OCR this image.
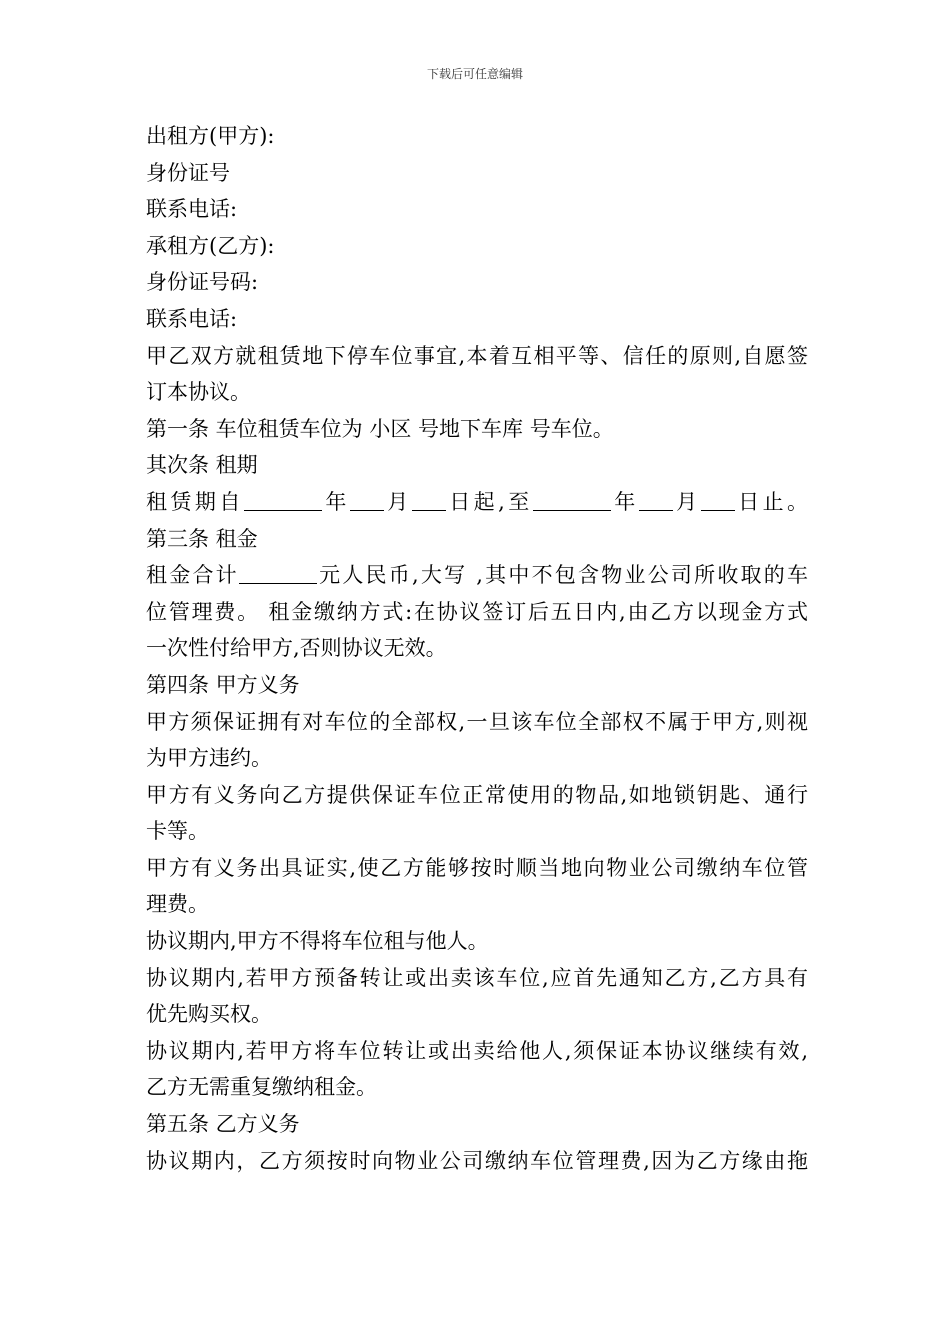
下载后可任意编辑
出租方(甲方):
身份证号
联系电话:
承租方(乙方):
身份证号码:
联系电话:
甲乙双方就租赁地下停车位事宜,本着互相平等、信任的原则,自愿签
订本协议。
第一条 车位租赁车位为 小区 号地下车库 号车位。
其次条 租期
租赁期自	年 月 日起,至	年 月 日止。
第三条 租金
租金合计	元人民币,大写 ,其中不包含物业公司所收取的车
位管理费。 租金缴纳方式:在协议签订后五日内,由乙方以现金方式
一次性付给甲方,否则协议无效。
第四条 甲方义务
甲方须保证拥有对车位的全部权,一旦该车位全部权不属于甲方,则视
为甲方违约。
甲方有义务向乙方提供保证车位正常使用的物品,如地锁钥匙、通行
卡等。
甲方有义务出具证实,使乙方能够按时顺当地向物业公司缴纳车位管
理费。
协议期内,甲方不得将车位租与他人。
协议期内,若甲方预备转让或出卖该车位,应首先通知乙方,乙方具有
优先购买权。
协议期内,若甲方将车位转让或出卖给他人,须保证本协议继续有效,
乙方无需重复缴纳租金。
第五条 乙方义务
协议期内，乙方须按时向物业公司缴纳车位管理费,因为乙方缘由拖
